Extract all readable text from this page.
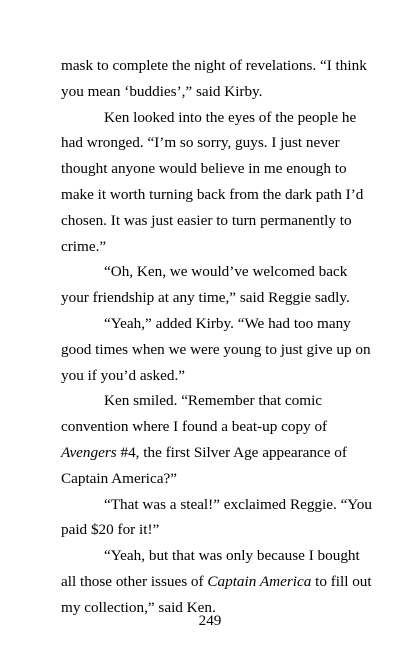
mask to complete the night of revelations. “I think

you mean ‘buddies’,” said Kirby.

Ken looked into the eyes of the people he

had wronged. “I’m so sorry, guys. I just never

thought anyone would believe in me enough to

make it worth turning back from the dark path I’d

chosen. It was just easier to turn permanently to

crime.”

“Oh, Ken, we would’ve welcomed back

your friendship at any time,” said Reggie sadly.

“Yeah,” added Kirby. “We had too many

good times when we were young to just give up on

you if you’d asked.”

Ken smiled. “Remember that comic

convention where I found a beat-up copy of

Avengers #4, the first Silver Age appearance of

Captain America?”

“That was a steal!” exclaimed Reggie. “You

paid $20 for it!”

“Yeah, but that was only because I bought

all those other issues of Captain America to fill out

my collection,” said Ken.

249
